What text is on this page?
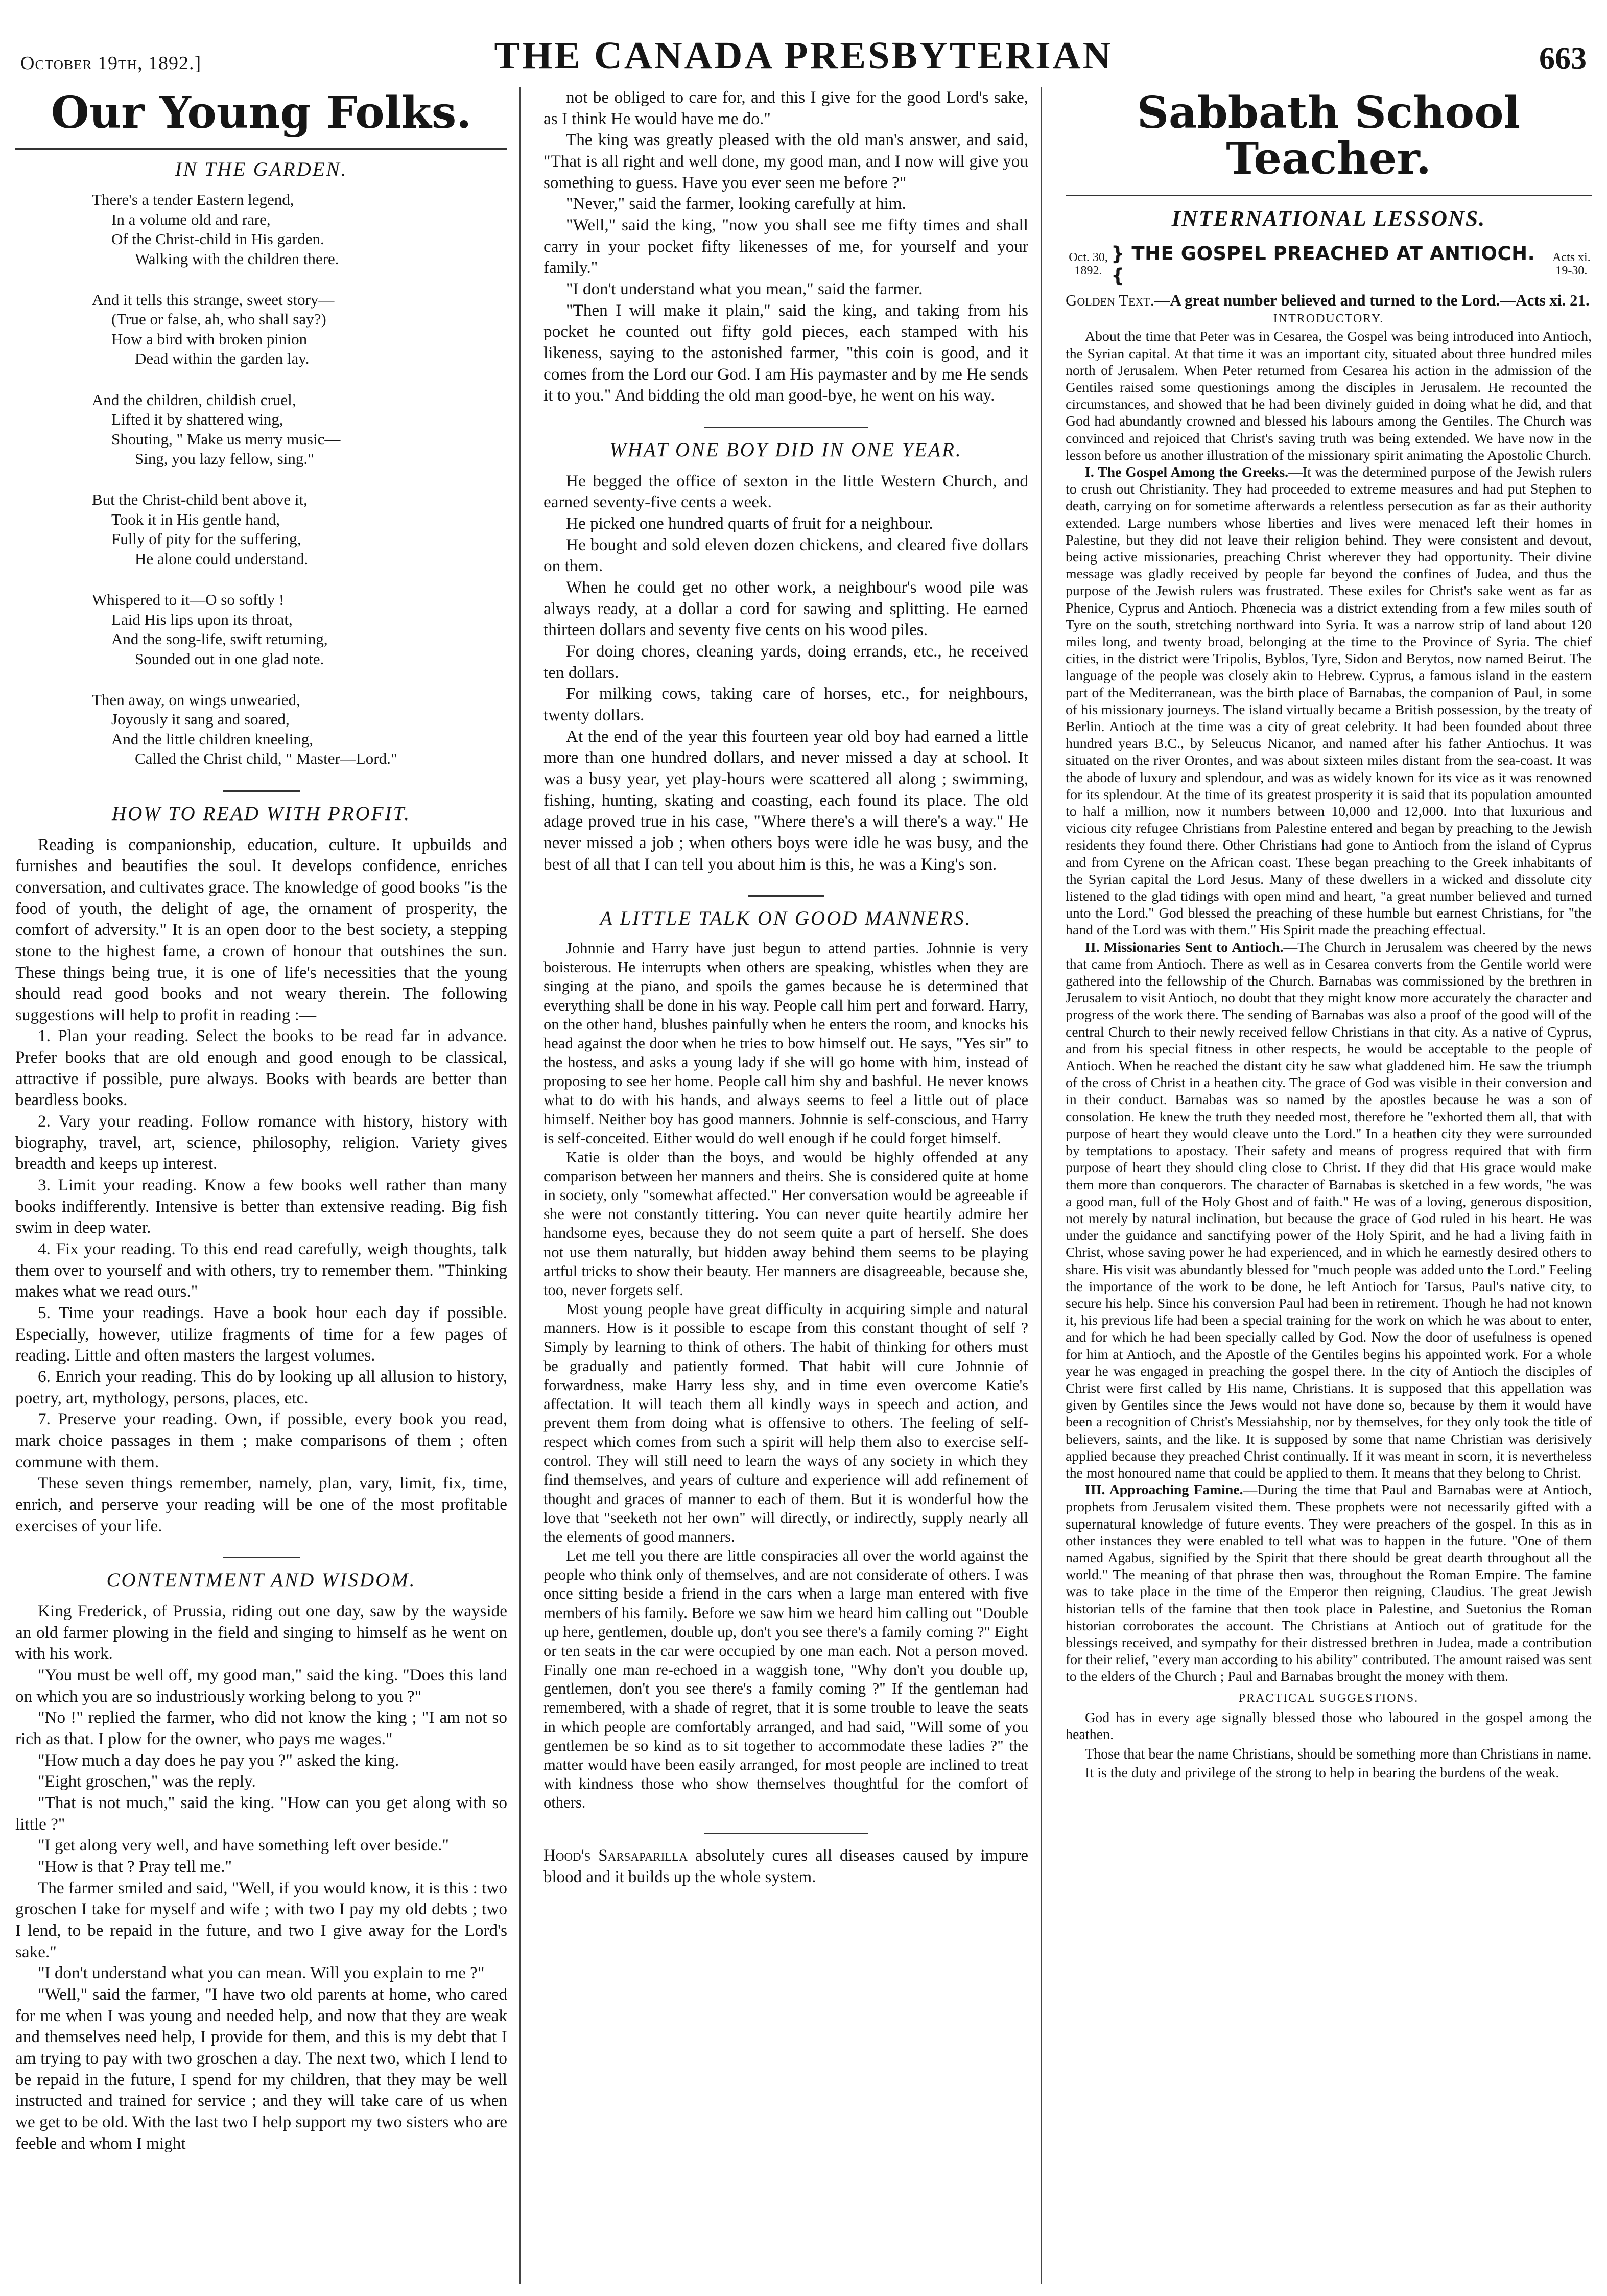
October 19th, 1892.]	THE CANADA PRESBYTERIAN	663
Our Young Folks.
IN THE GARDEN.
There's a tender Eastern legend,
In a volume old and rare,
Of the Christ-child in His garden.
Walking with the children there.
And it tells this strange, sweet story—
(True or false, ah, who shall say?)
How a bird with broken pinion
Dead within the garden lay.
And the children, childish cruel,
Lifted it by shattered wing,
Shouting, " Make us merry music—
Sing, you lazy fellow, sing."
But the Christ-child bent above it,
Took it in His gentle hand,
Fully of pity for the suffering,
He alone could understand.
Whispered to it—O so softly !
Laid His lips upon its throat,
And the song-life, swift returning,
Sounded out in one glad note.
Then away, on wings unwearied,
Joyously it sang and soared,
And the little children kneeling,
Called the Christ child, " Master—Lord."
HOW TO READ WITH PROFIT.

Reading is companionship, education, culture. It upbuilds and furnishes and beautifies the soul. It develops confidence, enriches conversation, and cultivates grace. The knowledge of good books "is the food of youth, the delight of age, the ornament of prosperity, the comfort of adversity." It is an open door to the best society, a stepping stone to the highest fame, a crown of honour that outshines the sun. These things being true, it is one of life's necessities that the young should read good books and not weary therein. The following suggestions will help to profit in reading :—

1. Plan your reading. Select the books to be read far in advance. Prefer books that are old enough and good enough to be classical, attractive if possible, pure always. Books with beards are better than beardless books.

2. Vary your reading. Follow romance with history, history with biography, travel, art, science, philosophy, religion. Variety gives breadth and keeps up interest.

3. Limit your reading. Know a few books well rather than many books indifferently. Intensive is better than extensive reading. Big fish swim in deep water.

4. Fix your reading. To this end read carefully, weigh thoughts, talk them over to yourself and with others, try to remember them. "Thinking makes what we read ours."

5. Time your readings. Have a book hour each day if possible. Especially, however, utilize fragments of time for a few pages of reading. Little and often masters the largest volumes.

6. Enrich your reading. This do by looking up all allusion to history, poetry, art, mythology, persons, places, etc.

7. Preserve your reading. Own, if possible, every book you read, mark choice passages in them ; make comparisons of them ; often commune with them.

These seven things remember, namely, plan, vary, limit, fix, time, enrich, and perserve your reading will be one of the most profitable exercises of your life.

CONTENTMENT AND WISDOM.

King Frederick, of Prussia, riding out one day, saw by the wayside an old farmer plowing in the field and singing to himself as he went on with his work.

"You must be well off, my good man," said the king. "Does this land on which you are so industriously working belong to you ?"

"No !" replied the farmer, who did not know the king ; "I am not so rich as that. I plow for the owner, who pays me wages."

"How much a day does he pay you ?" asked the king.

"Eight groschen," was the reply.

"That is not much," said the king. "How can you get along with so little ?"

"I get along very well, and have something left over beside."

"How is that ? Pray tell me."

The farmer smiled and said, "Well, if you would know, it is this : two groschen I take for myself and wife ; with two I pay my old debts ; two I lend, to be repaid in the future, and two I give away for the Lord's sake."

"I don't understand what you can mean. Will you explain to me ?"

"Well," said the farmer, "I have two old parents at home, who cared for me when I was young and needed help, and now that they are weak and themselves need help, I provide for them, and this is my debt that I am trying to pay with two groschen a day. The next two, which I lend to be repaid in the future, I spend for my children, that they may be well instructed and trained for service ; and they will take care of us when we get to be old. With the last two I help support my two sisters who are feeble and whom I might

not be obliged to care for, and this I give for the good Lord's sake, as I think He would have me do."

The king was greatly pleased with the old man's answer, and said, "That is all right and well done, my good man, and I now will give you something to guess. Have you ever seen me before ?"

"Never," said the farmer, looking carefully at him.

"Well," said the king, "now you shall see me fifty times and shall carry in your pocket fifty likenesses of me, for yourself and your family."

"I don't understand what you mean," said the farmer.

"Then I will make it plain," said the king, and taking from his pocket he counted out fifty gold pieces, each stamped with his likeness, saying to the astonished farmer, "this coin is good, and it comes from the Lord our God. I am His paymaster and by me He sends it to you." And bidding the old man good-bye, he went on his way.

WHAT ONE BOY DID IN ONE YEAR.

He begged the office of sexton in the little Western Church, and earned seventy-five cents a week.

He picked one hundred quarts of fruit for a neighbour.

He bought and sold eleven dozen chickens, and cleared five dollars on them.

When he could get no other work, a neighbour's wood pile was always ready, at a dollar a cord for sawing and splitting. He earned thirteen dollars and seventy five cents on his wood piles.

For doing chores, cleaning yards, doing errands, etc., he received ten dollars.

For milking cows, taking care of horses, etc., for neighbours, twenty dollars.

At the end of the year this fourteen year old boy had earned a little more than one hundred dollars, and never missed a day at school. It was a busy year, yet play-hours were scattered all along ; swimming, fishing, hunting, skating and coasting, each found its place. The old adage proved true in his case, "Where there's a will there's a way." He never missed a job ; when others boys were idle he was busy, and the best of all that I can tell you about him is this, he was a King's son.

A LITTLE TALK ON GOOD MANNERS.

Johnnie and Harry have just begun to attend parties. Johnnie is very boisterous. He interrupts when others are speaking, whistles when they are singing at the piano, and spoils the games because he is determined that everything shall be done in his way. People call him pert and forward. Harry, on the other hand, blushes painfully when he enters the room, and knocks his head against the door when he tries to bow himself out. He says, "Yes sir" to the hostess, and asks a young lady if she will go home with him, instead of proposing to see her home. People call him shy and bashful. He never knows what to do with his hands, and always seems to feel a little out of place himself. Neither boy has good manners. Johnnie is self-conscious, and Harry is self-conceited. Either would do well enough if he could forget himself.

Katie is older than the boys, and would be highly offended at any comparison between her manners and theirs. She is considered quite at home in society, only "somewhat affected." Her conversation would be agreeable if she were not constantly tittering. You can never quite heartily admire her handsome eyes, because they do not seem quite a part of herself. She does not use them naturally, but hidden away behind them seems to be playing artful tricks to show their beauty. Her manners are disagreeable, because she, too, never forgets self.

Most young people have great difficulty in acquiring simple and natural manners. How is it possible to escape from this constant thought of self ? Simply by learning to think of others. The habit of thinking for others must be gradually and patiently formed. That habit will cure Johnnie of forwardness, make Harry less shy, and in time even overcome Katie's affectation. It will teach them all kindly ways in speech and action, and prevent them from doing what is offensive to others. The feeling of self-respect which comes from such a spirit will help them also to exercise self-control. They will still need to learn the ways of any society in which they find themselves, and years of culture and experience will add refinement of thought and graces of manner to each of them. But it is wonderful how the love that "seeketh not her own" will directly, or indirectly, supply nearly all the elements of good manners.

Let me tell you there are little conspiracies all over the world against the people who think only of themselves, and are not considerate of others. I was once sitting beside a friend in the cars when a large man entered with five members of his family. Before we saw him we heard him calling out "Double up here, gentlemen, double up, don't you see there's a family coming ?" Eight or ten seats in the car were occupied by one man each. Not a person moved. Finally one man re-echoed in a waggish tone, "Why don't you double up, gentlemen, don't you see there's a family coming ?" If the gentleman had remembered, with a shade of regret, that it is some trouble to leave the seats in which people are comfortably arranged, and had said, "Will some of you gentlemen be so kind as to sit together to accommodate these ladies ?" the matter would have been easily arranged, for most people are inclined to treat with kindness those who show themselves thoughtful for the comfort of others.

Hood's Sarsaparilla absolutely cures all diseases caused by impure blood and it builds up the whole system.
Sabbath School Teacher.
INTERNATIONAL LESSONS.
Oct. 30,
1892.
} THE GOSPEL PREACHED AT ANTIOCH. {
Acts xi.
19-30.

Golden Text.—A great number believed and turned to the Lord.—Acts xi. 21.

INTRODUCTORY.

About the time that Peter was in Cesarea, the Gospel was being introduced into Antioch, the Syrian capital. At that time it was an important city, situated about three hundred miles north of Jerusalem. When Peter returned from Cesarea his action in the admission of the Gentiles raised some questionings among the disciples in Jerusalem. He recounted the circumstances, and showed that he had been divinely guided in doing what he did, and that God had abundantly crowned and blessed his labours among the Gentiles. The Church was convinced and rejoiced that Christ's saving truth was being extended. We have now in the lesson before us another illustration of the missionary spirit animating the Apostolic Church.

I. The Gospel Among the Greeks.—It was the determined purpose of the Jewish rulers to crush out Christianity. They had proceeded to extreme measures and had put Stephen to death, carrying on for sometime afterwards a relentless persecution as far as their authority extended. Large numbers whose liberties and lives were menaced left their homes in Palestine, but they did not leave their religion behind. They were consistent and devout, being active missionaries, preaching Christ wherever they had opportunity. Their divine message was gladly received by people far beyond the confines of Judea, and thus the purpose of the Jewish rulers was frustrated. These exiles for Christ's sake went as far as Phenice, Cyprus and Antioch. Phœnecia was a district extending from a few miles south of Tyre on the south, stretching northward into Syria. It was a narrow strip of land about 120 miles long, and twenty broad, belonging at the time to the Province of Syria. The chief cities, in the district were Tripolis, Byblos, Tyre, Sidon and Berytos, now named Beirut. The language of the people was closely akin to Hebrew. Cyprus, a famous island in the eastern part of the Mediterranean, was the birth place of Barnabas, the companion of Paul, in some of his missionary journeys. The island virtually became a British possession, by the treaty of Berlin. Antioch at the time was a city of great celebrity. It had been founded about three hundred years B.C., by Seleucus Nicanor, and named after his father Antiochus. It was situated on the river Orontes, and was about sixteen miles distant from the sea-coast. It was the abode of luxury and splendour, and was as widely known for its vice as it was renowned for its splendour. At the time of its greatest prosperity it is said that its population amounted to half a million, now it numbers between 10,000 and 12,000. Into that luxurious and vicious city refugee Christians from Palestine entered and began by preaching to the Jewish residents they found there. Other Christians had gone to Antioch from the island of Cyprus and from Cyrene on the African coast. These began preaching to the Greek inhabitants of the Syrian capital the Lord Jesus. Many of these dwellers in a wicked and dissolute city listened to the glad tidings with open mind and heart, "a great number believed and turned unto the Lord." God blessed the preaching of these humble but earnest Christians, for "the hand of the Lord was with them." His Spirit made the preaching effectual.

II. Missionaries Sent to Antioch.—The Church in Jerusalem was cheered by the news that came from Antioch. There as well as in Cesarea converts from the Gentile world were gathered into the fellowship of the Church. Barnabas was commissioned by the brethren in Jerusalem to visit Antioch, no doubt that they might know more accurately the character and progress of the work there. The sending of Barnabas was also a proof of the good will of the central Church to their newly received fellow Christians in that city. As a native of Cyprus, and from his special fitness in other respects, he would be acceptable to the people of Antioch. When he reached the distant city he saw what gladdened him. He saw the triumph of the cross of Christ in a heathen city. The grace of God was visible in their conversion and in their conduct. Barnabas was so named by the apostles because he was a son of consolation. He knew the truth they needed most, therefore he "exhorted them all, that with purpose of heart they would cleave unto the Lord." In a heathen city they were surrounded by temptations to apostacy. Their safety and means of progress required that with firm purpose of heart they should cling close to Christ. If they did that His grace would make them more than conquerors. The character of Barnabas is sketched in a few words, "he was a good man, full of the Holy Ghost and of faith." He was of a loving, generous disposition, not merely by natural inclination, but because the grace of God ruled in his heart. He was under the guidance and sanctifying power of the Holy Spirit, and he had a living faith in Christ, whose saving power he had experienced, and in which he earnestly desired others to share. His visit was abundantly blessed for "much people was added unto the Lord." Feeling the importance of the work to be done, he left Antioch for Tarsus, Paul's native city, to secure his help. Since his conversion Paul had been in retirement. Though he had not known it, his previous life had been a special training for the work on which he was about to enter, and for which he had been specially called by God. Now the door of usefulness is opened for him at Antioch, and the Apostle of the Gentiles begins his appointed work. For a whole year he was engaged in preaching the gospel there. In the city of Antioch the disciples of Christ were first called by His name, Christians. It is supposed that this appellation was given by Gentiles since the Jews would not have done so, because by them it would have been a recognition of Christ's Messiahship, nor by themselves, for they only took the title of believers, saints, and the like. It is supposed by some that name Christian was derisively applied because they preached Christ continually. If it was meant in scorn, it is nevertheless the most honoured name that could be applied to them. It means that they belong to Christ.

III. Approaching Famine.—During the time that Paul and Barnabas were at Antioch, prophets from Jerusalem visited them. These prophets were not necessarily gifted with a supernatural knowledge of future events. They were preachers of the gospel. In this as in other instances they were enabled to tell what was to happen in the future. "One of them named Agabus, signified by the Spirit that there should be great dearth throughout all the world." The meaning of that phrase then was, throughout the Roman Empire. The famine was to take place in the time of the Emperor then reigning, Claudius. The great Jewish historian tells of the famine that then took place in Palestine, and Suetonius the Roman historian corroborates the account. The Christians at Antioch out of gratitude for the blessings received, and sympathy for their distressed brethren in Judea, made a contribution for their relief, "every man according to his ability" contributed. The amount raised was sent to the elders of the Church ; Paul and Barnabas brought the money with them.

PRACTICAL SUGGESTIONS.

God has in every age signally blessed those who laboured in the gospel among the heathen.

Those that bear the name Christians, should be something more than Christians in name.

It is the duty and privilege of the strong to help in bearing the burdens of the weak.
